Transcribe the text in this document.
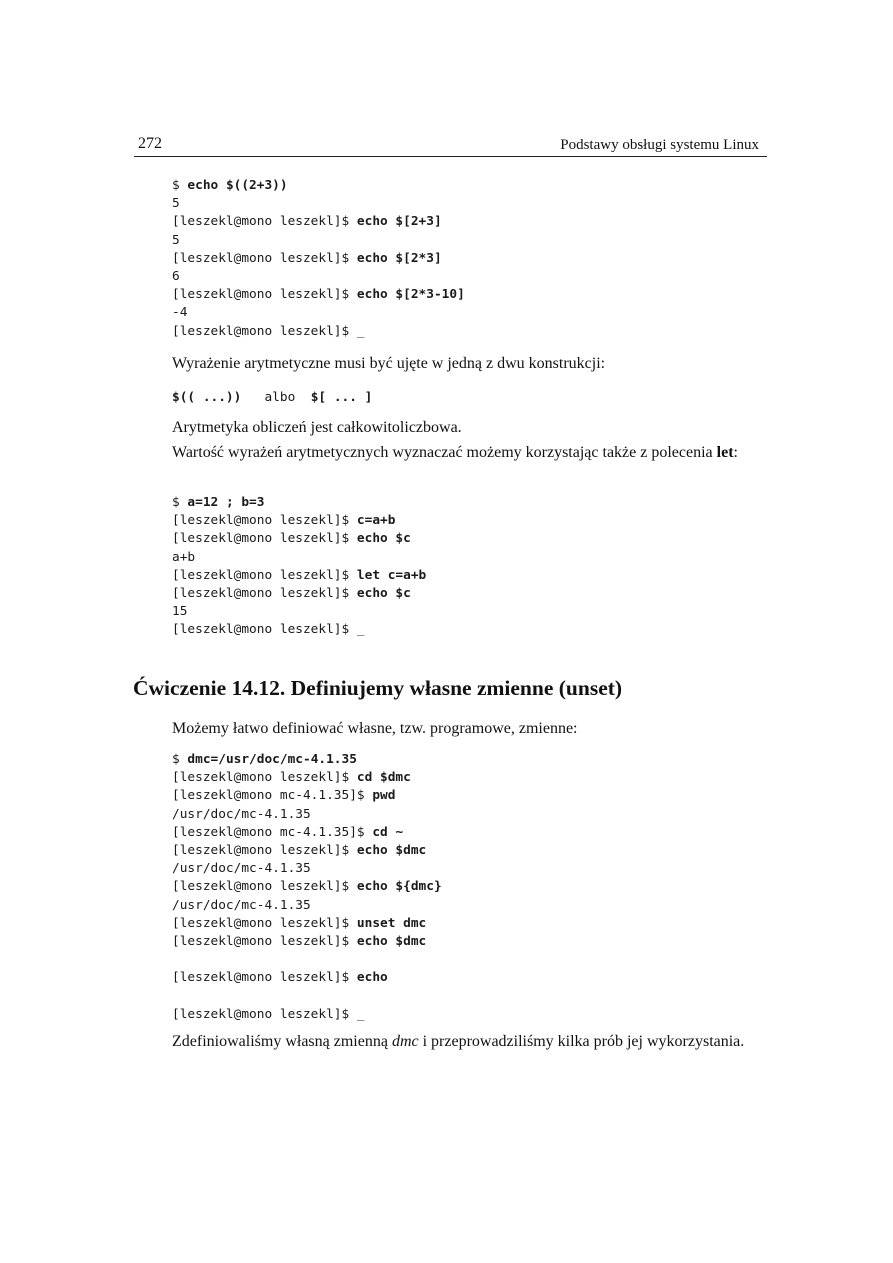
272	Podstawy obsługi systemu Linux
$ echo $((2+3))
5
[leszekl@mono leszekl]$ echo $[2+3]
5
[leszekl@mono leszekl]$ echo $[2*3]
6
[leszekl@mono leszekl]$ echo $[2*3-10]
-4
[leszekl@mono leszekl]$ _

Wyrażenie arytmetyczne musi być ujęte w jedną z dwu konstrukcji:

$(( ...)) albo $[ ... ]

Arytmetyka obliczeń jest całkowitoliczbowa.

Wartość wyrażeń arytmetycznych wyznaczać możemy korzystając także z polecenia let:

$ a=12 ; b=3
[leszekl@mono leszekl]$ c=a+b
[leszekl@mono leszekl]$ echo $c
a+b
[leszekl@mono leszekl]$ let c=a+b
[leszekl@mono leszekl]$ echo $c
15
[leszekl@mono leszekl]$ _
Ćwiczenie 14.12. Definiujemy własne zmienne (unset)

Możemy łatwo definiować własne, tzw. programowe, zmienne:

$ dmc=/usr/doc/mc-4.1.35
[leszekl@mono leszekl]$ cd $dmc
[leszekl@mono mc-4.1.35]$ pwd
/usr/doc/mc-4.1.35
[leszekl@mono mc-4.1.35]$ cd ~
[leszekl@mono leszekl]$ echo $dmc
/usr/doc/mc-4.1.35
[leszekl@mono leszekl]$ echo ${dmc}
/usr/doc/mc-4.1.35
[leszekl@mono leszekl]$ unset dmc
[leszekl@mono leszekl]$ echo $dmc
[leszekl@mono leszekl]$ echo
[leszekl@mono leszekl]$ _

Zdefiniowaliśmy własną zmienną dmc i przeprowadziliśmy kilka prób jej wykorzystania.
